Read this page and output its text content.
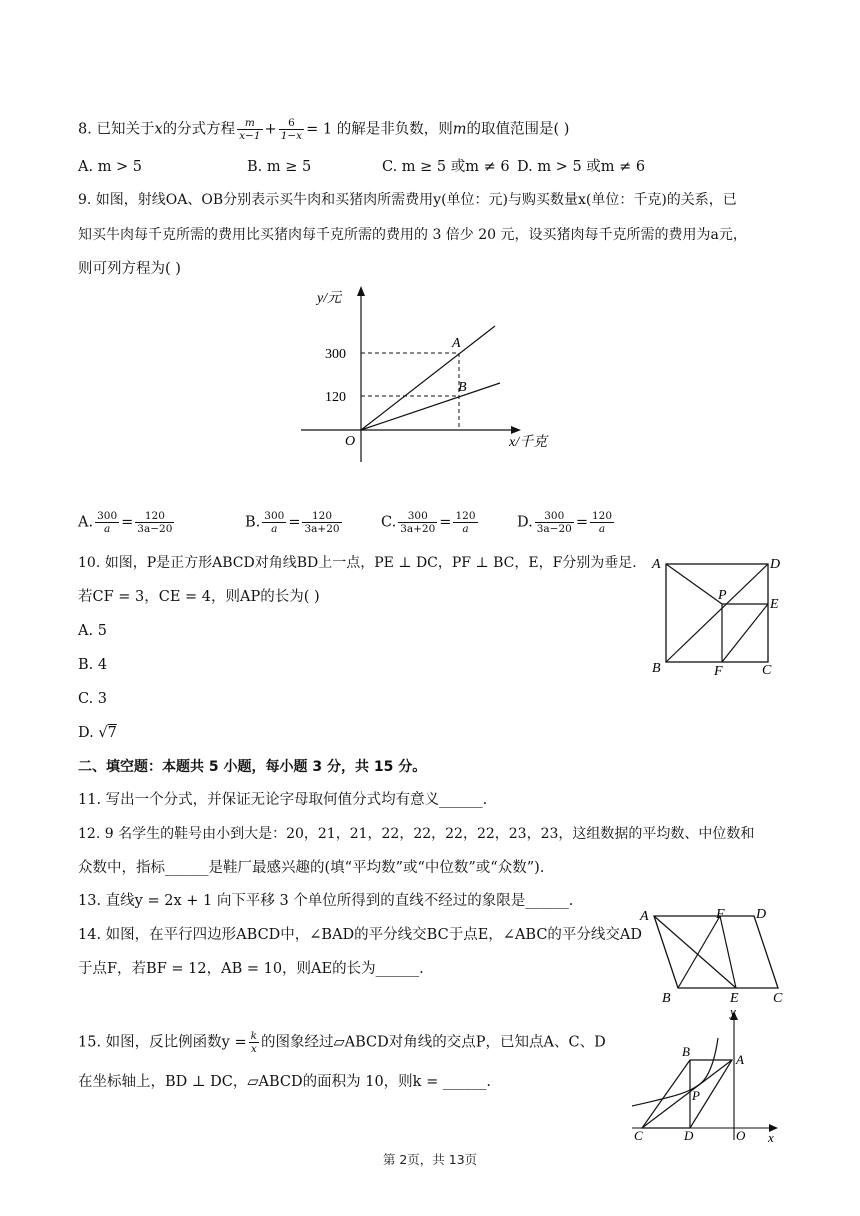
8. 已知关于x的分式方程 $\frac{m}{x-1} + \frac{6}{1-x} = 1$ 的解是非负数，则m的取值范围是( )
A. m > 5	B. m ≥ 5	C. m ≥ 5 或m ≠ 6 D. m > 5 或m ≠ 6
9. 如图，射线OA、OB分别表示买牛肉和买猪肉所需费用y(单位：元)与购买数量x(单位：千克)的关系，已
知买牛肉每千克所需的费用比买猪肉每千克所需的费用的 3 倍少 20 元，设买猪肉每千克所需的费用为a元，
则可列方程为( )
y/元
x/千克
O
300
120
A
B
A. $\frac{300}{a} = \frac{120}{3a-20}$	B. $\frac{300}{a} = \frac{120}{3a+20}$	C. $\frac{300}{3a+20} = \frac{120}{a}$	D. $\frac{300}{3a-20} = \frac{120}{a}$
10. 如图，P是正方形ABCD对角线BD上一点，PE ⊥ DC，PF ⊥ BC，E，F分别为垂足.
若CF = 3，CE = 4，则AP的长为( )
A. 5
B. 4
C. 3
D. √7
A	D
B	C
F
E
P
二、填空题：本题共 5 小题，每小题 3 分，共 15 分。
11. 写出一个分式，并保证无论字母取何值分式均有意义______.
12. 9 名学生的鞋号由小到大是：20，21，21，22，22，22，22，23，23，这组数据的平均数、中位数和
众数中，指标______是鞋厂最感兴趣的(填“平均数”或“中位数”或“众数”).
13. 直线y = 2x + 1 向下平移 3 个单位所得到的直线不经过的象限是______.
14. 如图，在平行四边形ABCD中，∠BAD的平分线交BC于点E，∠ABC的平分线交AD
于点F，若BF = 12，AB = 10，则AE的长为______.
A	F D
B	E C
15. 如图，反比例函数$y = \frac{k}{x}$ 的图象经过▱ABCD对角线的交点P，已知点A、C、D
在坐标轴上，BD ⊥ DC，▱ABCD的面积为 10，则k = ______.
y
x
A
B
C	D	O
P
第 2页，共 13页
